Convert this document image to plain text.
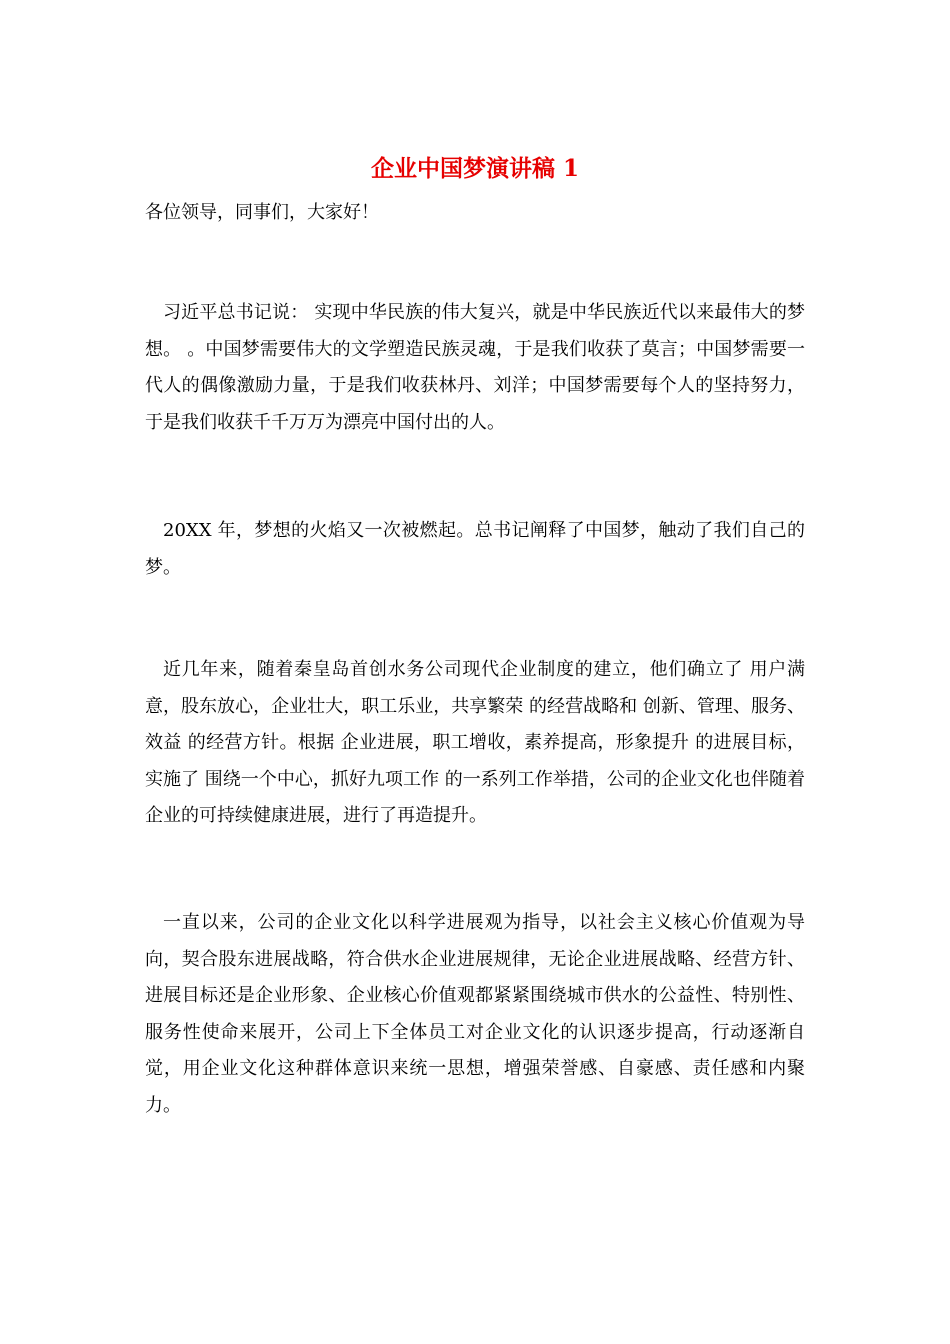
企业中国梦演讲稿 1

各位领导，同事们，大家好！

习近平总书记说： 实现中华民族的伟大复兴，就是中华民族近代以来最伟大的梦想。 。中国梦需要伟大的文学塑造民族灵魂，于是我们收获了莫言；中国梦需要一代人的偶像激励力量，于是我们收获林丹、刘洋；中国梦需要每个人的坚持努力，于是我们收获千千万万为漂亮中国付出的人。

20XX 年，梦想的火焰又一次被燃起。总书记阐释了中国梦，触动了我们自己的梦。

近几年来，随着秦皇岛首创水务公司现代企业制度的建立，他们确立了 用户满意，股东放心，企业壮大，职工乐业，共享繁荣 的经营战略和 创新、管理、服务、效益 的经营方针。根据 企业进展，职工增收，素养提高，形象提升 的进展目标，实施了 围绕一个中心，抓好九项工作 的一系列工作举措，公司的企业文化也伴随着企业的可持续健康进展，进行了再造提升。

一直以来，公司的企业文化以科学进展观为指导，以社会主义核心价值观为导向，契合股东进展战略，符合供水企业进展规律，无论企业进展战略、经营方针、进展目标还是企业形象、企业核心价值观都紧紧围绕城市供水的公益性、特别性、服务性使命来展开，公司上下全体员工对企业文化的认识逐步提高，行动逐渐自觉，用企业文化这种群体意识来统一思想，增强荣誉感、自豪感、责任感和内聚力。
